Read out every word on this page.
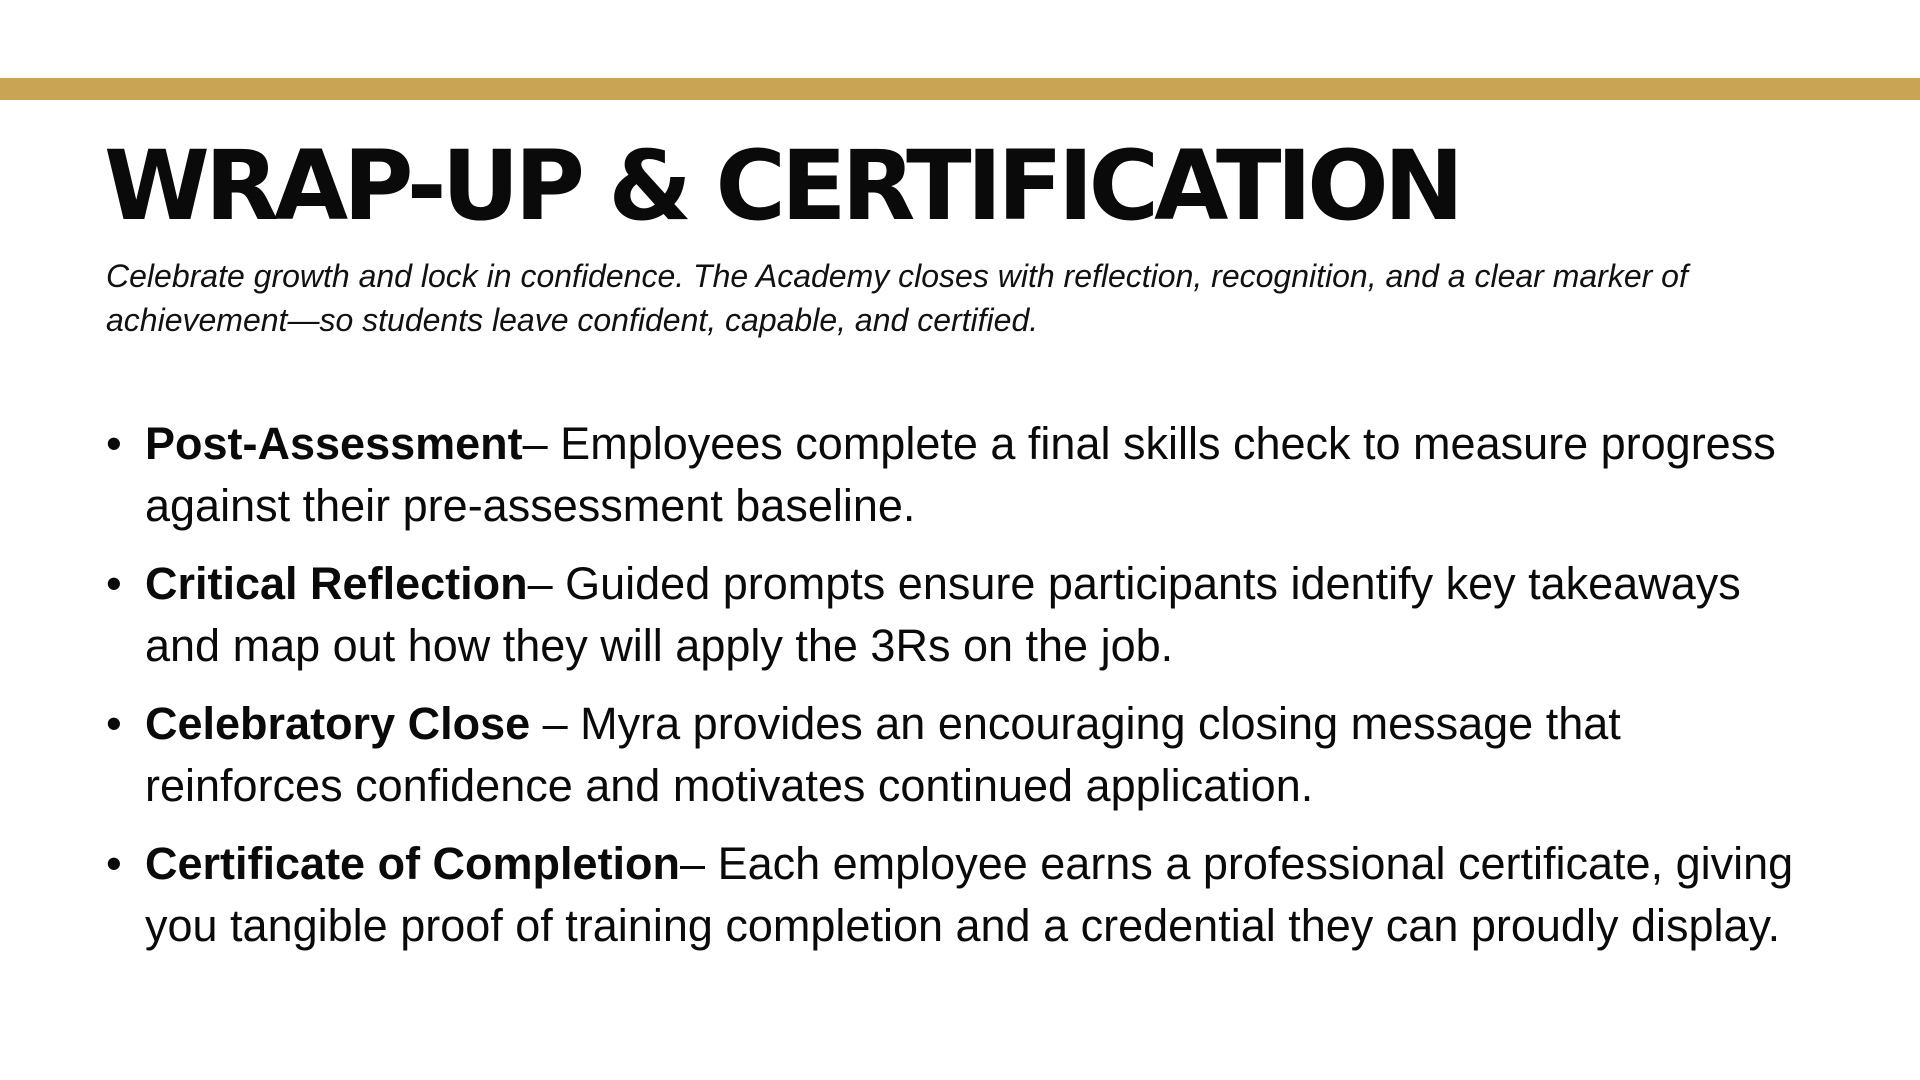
WRAP-UP & CERTIFICATION

Celebrate growth and lock in confidence. The Academy closes with reflection, recognition, and a clear marker of achievement—so students leave confident, capable, and certified.

• Post-Assessment– Employees complete a final skills check to measure progress against their pre-assessment baseline.
• Critical Reflection– Guided prompts ensure participants identify key takeaways and map out how they will apply the 3Rs on the job.
• Celebratory Close – Myra provides an encouraging closing message that reinforces confidence and motivates continued application.
• Certificate of Completion– Each employee earns a professional certificate, giving you tangible proof of training completion and a credential they can proudly display.
